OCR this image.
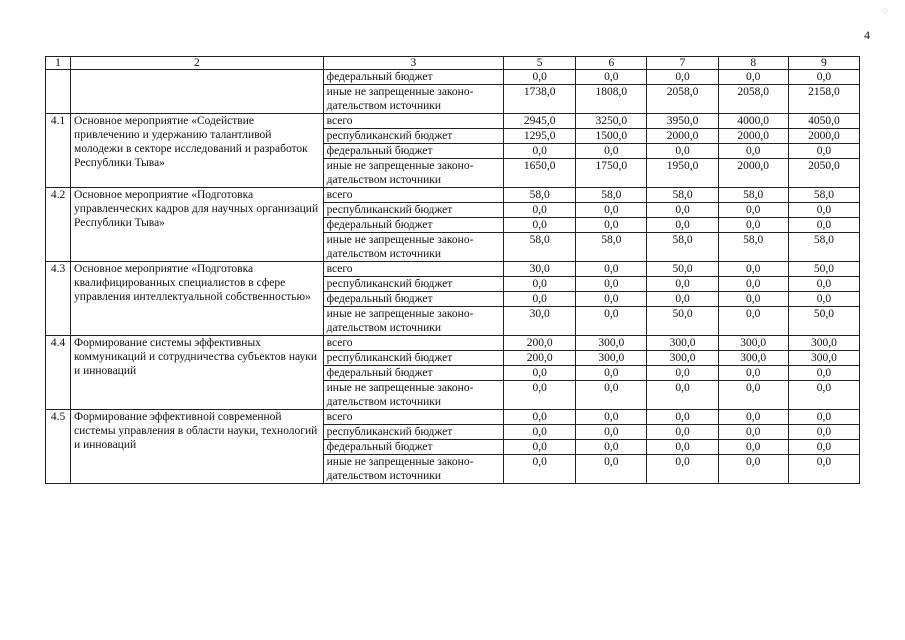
◌
4
1	2	3	5	6	7	8	9
		федеральный бюджет	0,0	0,0	0,0	0,0	0,0
		иные не запрещенные законо-дательством источники	1738,0	1808,0	2058,0	2058,0	2158,0
4.1	Основное мероприятие «Содействие привлечению и удержанию талантливой молодежи в секторе исследований и разработок Республики Тыва»	всего	2945,0	3250,0	3950,0	4000,0	4050,0
		республиканский бюджет	1295,0	1500,0	2000,0	2000,0	2000,0
		федеральный бюджет	0,0	0,0	0,0	0,0	0,0
		иные не запрещенные законо-дательством источники	1650,0	1750,0	1950,0	2000,0	2050,0
4.2	Основное мероприятие «Подготовка управленческих кадров для научных организаций Республики Тыва»	всего	58,0	58,0	58,0	58,0	58,0
		республиканский бюджет	0,0	0,0	0,0	0,0	0,0
		федеральный бюджет	0,0	0,0	0,0	0,0	0,0
		иные не запрещенные законо-дательством источники	58,0	58,0	58,0	58,0	58,0
4.3	Основное мероприятие «Подготовка квалифицированных специалистов в сфере управления интеллектуальной собственностью»	всего	30,0	0,0	50,0	0,0	50,0
		республиканский бюджет	0,0	0,0	0,0	0,0	0,0
		федеральный бюджет	0,0	0,0	0,0	0,0	0,0
		иные не запрещенные законо-дательством источники	30,0	0,0	50,0	0,0	50,0
4.4	Формирование системы эффективных коммуникаций и сотрудничества субъектов науки и инноваций	всего	200,0	300,0	300,0	300,0	300,0
		республиканский бюджет	200,0	300,0	300,0	300,0	300,0
		федеральный бюджет	0,0	0,0	0,0	0,0	0,0
		иные не запрещенные законо-дательством источники	0,0	0,0	0,0	0,0	0,0
4.5	Формирование эффективной современной системы управления в области науки, технологий и инноваций	всего	0,0	0,0	0,0	0,0	0,0
		республиканский бюджет	0,0	0,0	0,0	0,0	0,0
		федеральный бюджет	0,0	0,0	0,0	0,0	0,0
		иные не запрещенные законо-дательством источники	0,0	0,0	0,0	0,0	0,0
